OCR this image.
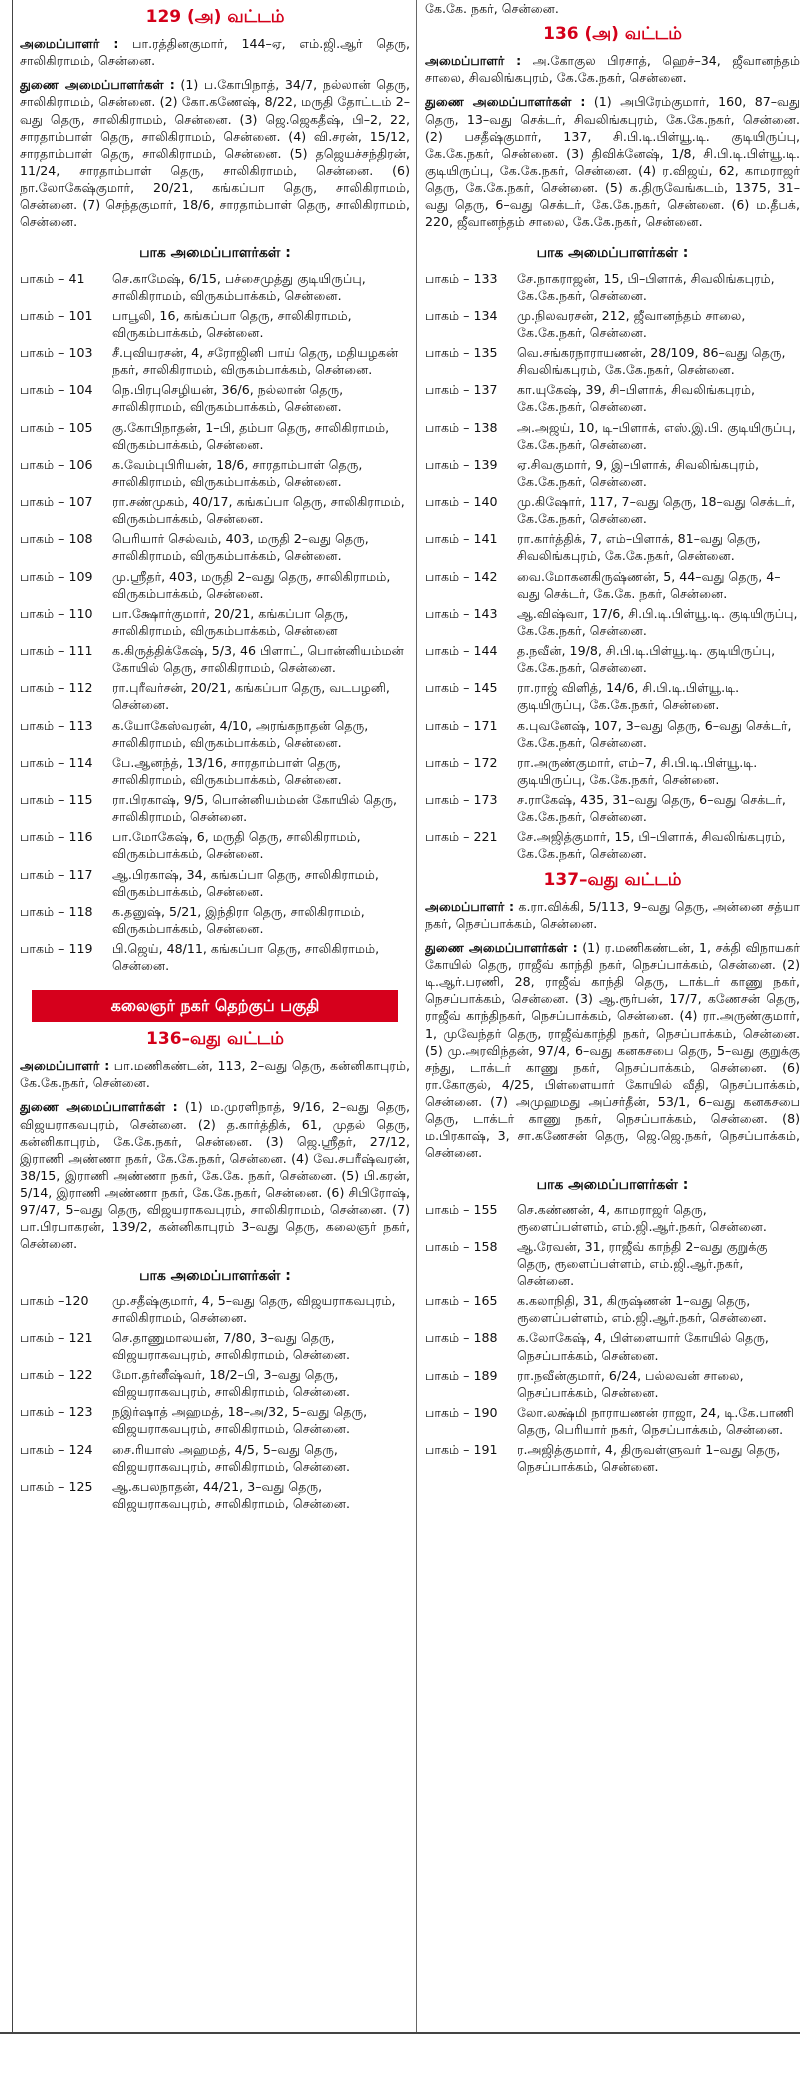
129 (அ) வட்டம்

அமைப்பாளர் : பா.ரத்தினகுமார், 144–ஏ, எம்.ஜி.ஆர் தெரு, சாலிகிராமம், சென்னை.

துணை அமைப்பாளர்கள் : (1) ப.கோபிநாத், 34/7, நல்லான் தெரு, சாலிகிராமம், சென்னை. (2) கோ.கணேஷ், 8/22, மருதி தோட்டம் 2–வது தெரு, சாலிகிராமம், சென்னை. (3) ஜெ.ஜெகதீஷ், பி–2, 22, சாரதாம்பாள் தெரு, சாலிகிராமம், சென்னை. (4) வி.சரன், 15/12, சாரதாம்பாள் தெரு, சாலிகிராமம், சென்னை. (5) தஜெயச்சந்திரன், 11/24, சாரதாம்பாள் தெரு, சாலிகிராமம், சென்னை. (6) நா.லோகேஷ்குமார், 20/21, கங்கப்பா தெரு, சாலிகிராமம், சென்னை. (7) செந்தகுமார், 18/6, சாரதாம்பாள் தெரு, சாலிகிராமம், சென்னை.

பாக அமைப்பாளர்கள் :
பாகம் – 41	செ.காமேஷ், 6/15, பச்சைமுத்து குடியிருப்பு, சாலிகிராமம், விருகம்பாக்கம், சென்னை.
பாகம் – 101	பாபூலி, 16, கங்கப்பா தெரு, சாலிகிராமம், விருகம்பாக்கம், சென்னை.
பாகம் – 103	சீ.புவியரசன், 4, சரோஜினி பாய் தெரு, மதியழகன் நகர், சாலிகிராமம், விருகம்பாக்கம், சென்னை.
பாகம் – 104	நெ.பிரபுசெழியன், 36/6, நல்லான் தெரு, சாலிகிராமம், விருகம்பாக்கம், சென்னை.
பாகம் – 105	கு.கோபிநாதன், 1–பி, தம்பா தெரு, சாலிகிராமம், விருகம்பாக்கம், சென்னை.
பாகம் – 106	க.வேம்புபிரியன், 18/6, சாரதாம்பாள் தெரு, சாலிகிராமம், விருகம்பாக்கம், சென்னை.
பாகம் – 107	ரா.சண்முகம், 40/17, கங்கப்பா தெரு, சாலிகிராமம், விருகம்பாக்கம், சென்னை.
பாகம் – 108	பெரியார் செல்வம், 403, மருதி 2–வது தெரு, சாலிகிராமம், விருகம்பாக்கம், சென்னை.
பாகம் – 109	மு.ஸ்ரீதர், 403, மருதி 2–வது தெரு, சாலிகிராமம், விருகம்பாக்கம், சென்னை.
பாகம் – 110	பா.க்ஷோர்குமார், 20/21, கங்கப்பா தெரு, சாலிகிராமம், விருகம்பாக்கம், சென்னை
பாகம் – 111	க.கிருத்திக்கேஷ், 5/3, 46 பிளாட், பொன்னியம்மன் கோயில் தெரு, சாலிகிராமம், சென்னை.
பாகம் – 112	ரா.புரீவர்சன், 20/21, கங்கப்பா தெரு, வடபழனி, சென்னை.
பாகம் – 113	க.யோகேஸ்வரன், 4/10, அரங்கநாதன் தெரு, சாலிகிராமம், விருகம்பாக்கம், சென்னை.
பாகம் – 114	பே.ஆனந்த், 13/16, சாரதாம்பாள் தெரு, சாலிகிராமம், விருகம்பாக்கம், சென்னை.
பாகம் – 115	ரா.பிரகாஷ், 9/5, பொன்னியம்மன் கோயில் தெரு, சாலிகிராமம், சென்னை.
பாகம் – 116	பா.மோகேஷ், 6, மருதி தெரு, சாலிகிராமம், விருகம்பாக்கம், சென்னை.
பாகம் – 117	ஆ.பிரகாஷ், 34, கங்கப்பா தெரு, சாலிகிராமம், விருகம்பாக்கம், சென்னை.
பாகம் – 118	க.தனுஷ், 5/21, இந்திரா தெரு, சாலிகிராமம், விருகம்பாக்கம், சென்னை.
பாகம் – 119	பி.ஜெய், 48/11, கங்கப்பா தெரு, சாலிகிராமம், சென்னை.
கலைஞர் நகர் தெற்குப் பகுதி
136–வது வட்டம்

அமைப்பாளர் : பா.மணிகண்டன், 113, 2–வது தெரு, கன்னிகாபுரம், கே.கே.நகர், சென்னை.

துணை அமைப்பாளர்கள் : (1) ம.முரளிநாத், 9/16, 2–வது தெரு, விஜயராகவபுரம், சென்னை. (2) த.கார்த்திக், 61, முதல் தெரு, கன்னிகாபுரம், கே.கே.நகர், சென்னை. (3) ஜெ.ஸ்ரீதர், 27/12, இராணி அண்ணா நகர், கே.கே.நகர், சென்னை. (4) வே.சபரீஷ்வரன், 38/15, இராணி அண்ணா நகர், கே.கே. நகர், சென்னை. (5) பி.கரன், 5/14, இராணி அண்ணா நகர், கே.கே.நகர், சென்னை. (6) சிபிரோஷ், 97/47, 5–வது தெரு, விஜயராகவபுரம், சாலிகிராமம், சென்னை. (7) பா.பிரபாகரன், 139/2, கன்னிகாபுரம் 3–வது தெரு, கலைஞர் நகர், சென்னை.

பாக அமைப்பாளர்கள் :
பாகம் –120	மு.சதீஷ்குமார், 4, 5–வது தெரு, விஜயராகவபுரம், சாலிகிராமம், சென்னை.
பாகம் – 121	செ.தாணுமாலயன், 7/80, 3–வது தெரு, விஜயராகவபுரம், சாலிகிராமம், சென்னை.
பாகம் – 122	மோ.தர்னீஷ்வர், 18/2–பி, 3–வது தெரு, விஜயராகவபுரம், சாலிகிராமம், சென்னை.
பாகம் – 123	நஇர்ஷாத் அஹமத், 18–அ/32, 5–வது தெரு, விஜயராகவபுரம், சாலிகிராமம், சென்னை.
பாகம் – 124	சை.ரியாஸ் அஹமத், 4/5, 5–வது தெரு, விஜயராகவபுரம், சாலிகிராமம், சென்னை.
பாகம் – 125	ஆ.கபலநாதன், 44/21, 3–வது தெரு, விஜயராகவபுரம், சாலிகிராமம், சென்னை.
கே.கே. நகர், சென்னை.
136 (அ) வட்டம்

அமைப்பாளர் : அ.கோகுல பிரசாத், ஹெச்–34, ஜீவானந்தம் சாலை, சிவலிங்கபுரம், கே.கே.நகர், சென்னை.

துணை அமைப்பாளர்கள் : (1) அபிரேம்குமார், 160, 87–வது தெரு, 13–வது செக்டர், சிவலிங்கபுரம், கே.கே.நகர், சென்னை. (2) பசதீஷ்குமார், 137, சி.பி.டி.பிள்யூ.டி. குடியிருப்பு, கே.கே.நகர், சென்னை. (3) திவிக்னேஷ், 1/8, சி.பி.டி.பிள்யூ.டி. குடியிருப்பு, கே.கே.நகர், சென்னை. (4) ர.விஜய், 62, காமராஜர் தெரு, கே.கே.நகர், சென்னை. (5) க.திருவேங்கடம், 1375, 31–வது தெரு, 6–வது செக்டர், கே.கே.நகர், சென்னை. (6) ம.தீபக், 220, ஜீவானந்தம் சாலை, கே.கே.நகர், சென்னை.

பாக அமைப்பாளர்கள் :
பாகம் – 133	சே.நாகராஜன், 15, பி–பிளாக், சிவலிங்கபுரம், கே.கே.நகர், சென்னை.
பாகம் – 134	மு.நிலவரசன், 212, ஜீவானந்தம் சாலை, கே.கே.நகர், சென்னை.
பாகம் – 135	வெ.சங்கரநாராயணன், 28/109, 86–வது தெரு, சிவலிங்கபுரம், கே.கே.நகர், சென்னை.
பாகம் – 137	கா.யுகேஷ், 39, சி–பிளாக், சிவலிங்கபுரம், கே.கே.நகர், சென்னை.
பாகம் – 138	அ.அஜய், 10, டி–பிளாக், எஸ்.இ.பி. குடியிருப்பு, கே.கே.நகர், சென்னை.
பாகம் – 139	ஏ.சிவகுமார், 9, இ–பிளாக், சிவலிங்கபுரம், கே.கே.நகர், சென்னை.
பாகம் – 140	மு.கிஷோர், 117, 7–வது தெரு, 18–வது செக்டர், கே.கே.நகர், சென்னை.
பாகம் – 141	ரா.கார்த்திக், 7, எம்–பிளாக், 81–வது தெரு, சிவலிங்கபுரம், கே.கே.நகர், சென்னை.
பாகம் – 142	வை.மோகனகிருஷ்ணன், 5, 44–வது தெரு, 4–வது செக்டர், கே.கே. நகர், சென்னை.
பாகம் – 143	ஆ.விஷ்வா, 17/6, சி.பி.டி.பிள்யூ.டி. குடியிருப்பு, கே.கே.நகர், சென்னை.
பாகம் – 144	த.நவீன், 19/8, சி.பி.டி.பிள்யூ.டி. குடியிருப்பு, கே.கே.நகர், சென்னை.
பாகம் – 145	ரா.ராஜ் விளித், 14/6, சி.பி.டி.பிள்யூ.டி. குடியிருப்பு, கே.கே.நகர், சென்னை.
பாகம் – 171	க.புவனேஷ், 107, 3–வது தெரு, 6–வது செக்டர், கே.கே.நகர், சென்னை.
பாகம் – 172	ரா.அருண்குமார், எம்–7, சி.பி.டி.பிள்யூ.டி. குடியிருப்பு, கே.கே.நகர், சென்னை.
பாகம் – 173	ச.ராகேஷ், 435, 31–வது தெரு, 6–வது செக்டர், கே.கே.நகர், சென்னை.
பாகம் – 221	சே.அஜித்குமார், 15, பி–பிளாக், சிவலிங்கபுரம், கே.கே.நகர், சென்னை.
137–வது வட்டம்

அமைப்பாளர் : க.ரா.விக்கி, 5/113, 9–வது தெரு, அன்னை சத்யா நகர், நெசப்பாக்கம், சென்னை.

துணை அமைப்பாளர்கள் : (1) ர.மணிகண்டன், 1, சக்தி விநாயகர் கோயில் தெரு, ராஜீவ் காந்தி நகர், நெசப்பாக்கம், சென்னை. (2) டி.ஆர்.பரணி, 28, ராஜீவ் காந்தி தெரு, டாக்டர் காணு நகர், நெசப்பாக்கம், சென்னை. (3) ஆ.ரூர்பன், 17/7, கணேசன் தெரு, ராஜீவ் காந்திநகர், நெசப்பாக்கம், சென்னை. (4) ரா.அருண்குமார், 1, முவேந்தர் தெரு, ராஜீவ்காந்தி நகர், நெசப்பாக்கம், சென்னை. (5) மு.அரவிந்தன், 97/4, 6–வது கனகசபை தெரு, 5–வது குறுக்கு சந்து, டாக்டர் காணு நகர், நெசப்பாக்கம், சென்னை. (6) ரா.கோகுல், 4/25, பிள்ளையார் கோயில் வீதி, நெசப்பாக்கம், சென்னை. (7) அமுஹமது அப்சர்தீன், 53/1, 6–வது கனகசபை தெரு, டாக்டர் காணு நகர், நெசப்பாக்கம், சென்னை. (8) ம.பிரகாஷ், 3, சா.கணேசன் தெரு, ஜெ.ஜெ.நகர், நெசப்பாக்கம், சென்னை.

பாக அமைப்பாளர்கள் :
பாகம் – 155	செ.கண்ணன், 4, காமராஜர் தெரு, ரூளைப்பள்ளம், எம்.ஜி.ஆர்.நகர், சென்னை.
பாகம் – 158	ஆ.ரேவன், 31, ராஜீவ் காந்தி 2–வது குறுக்கு தெரு, ரூளைப்பள்ளம், எம்.ஜி.ஆர்.நகர், சென்னை.
பாகம் – 165	க.கலாநிதி, 31, கிருஷ்ணன் 1–வது தெரு, ரூளைப்பள்ளம், எம்.ஜி.ஆர்.நகர், சென்னை.
பாகம் – 188	க.லோகேஷ், 4, பிள்ளையார் கோயில் தெரு, நெசப்பாக்கம், சென்னை.
பாகம் – 189	ரா.நவீன்குமார், 6/24, பல்லவன் சாலை, நெசப்பாக்கம், சென்னை.
பாகம் – 190	லோ.லக்ஷ்மி நாராயணன் ராஜா, 24, டி.கே.பாணி தெரு, பெரியார் நகர், நெசப்பாக்கம், சென்னை.
பாகம் – 191	ர.அஜித்குமார், 4, திருவள்ளுவர் 1–வது தெரு, நெசப்பாக்கம், சென்னை.
